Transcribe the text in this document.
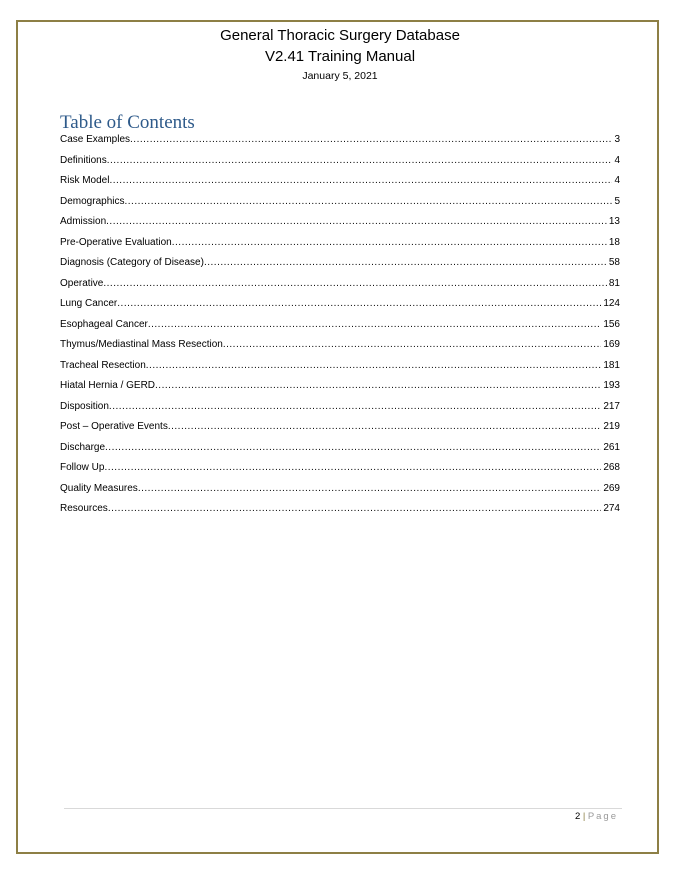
General Thoracic Surgery Database
V2.41 Training Manual
January 5, 2021
Table of Contents
Case Examples .....	3
Definitions .....	4
Risk Model .....	4
Demographics .....	5
Admission .....	13
Pre-Operative Evaluation .....	18
Diagnosis (Category of Disease) .....	58
Operative .....	81
Lung Cancer .....	124
Esophageal Cancer .....	156
Thymus/Mediastinal Mass Resection .....	169
Tracheal Resection .....	181
Hiatal Hernia / GERD .....	193
Disposition .....	217
Post – Operative Events .....	219
Discharge .....	261
Follow Up .....	268
Quality Measures .....	269
Resources .....	274
2 | Page
